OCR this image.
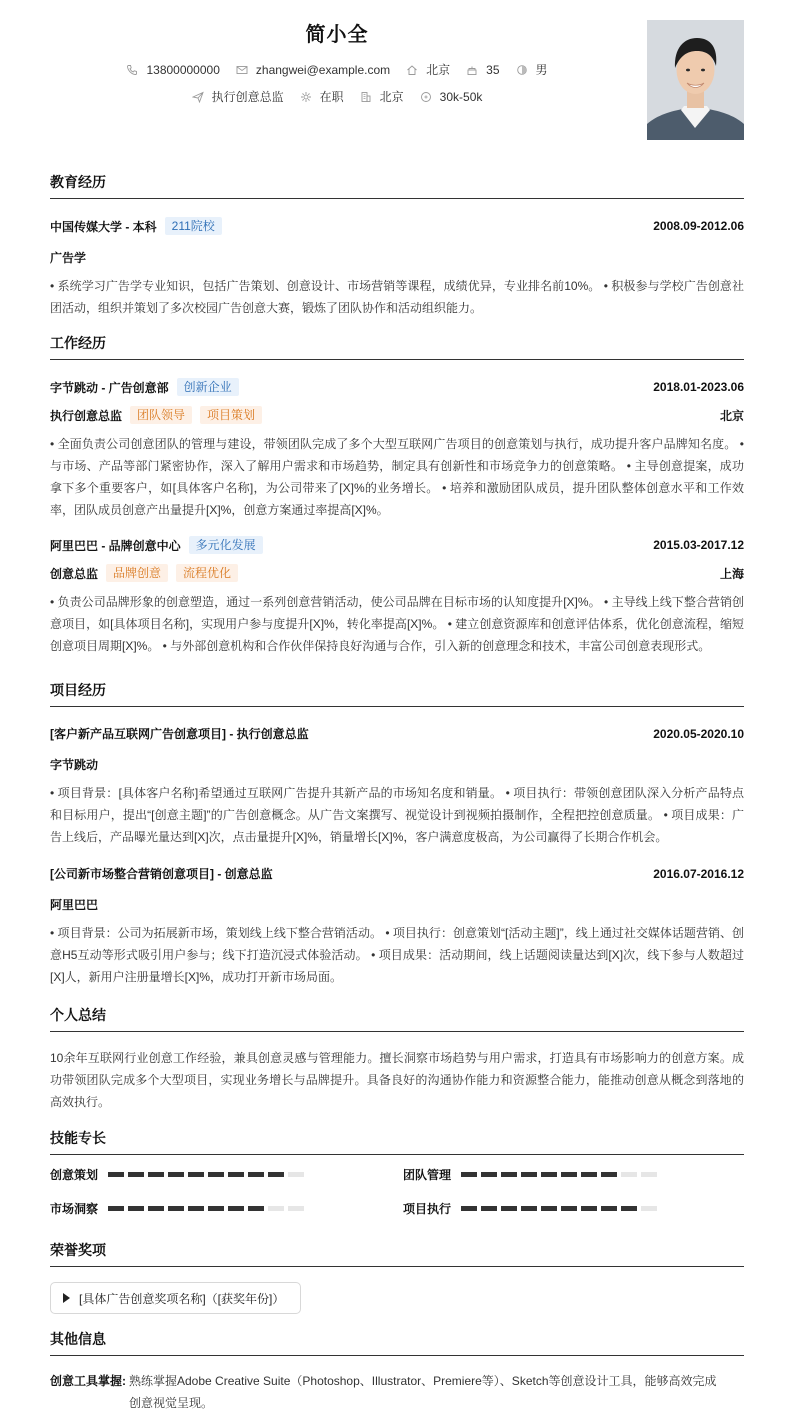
简小全
13800000000	zhangwei@example.com	北京	35	男
执行创意总监	在职	北京	30k-50k
教育经历
中国传媒大学 - 本科	211院校	2008.09-2012.06
广告学
• 系统学习广告学专业知识，包括广告策划、创意设计、市场营销等课程，成绩优异，专业排名前10%。 • 积极参与学校广告创意社团活动，组织并策划了多次校园广告创意大赛，锻炼了团队协作和活动组织能力。
工作经历
字节跳动 - 广告创意部	创新企业	2018.01-2023.06
执行创意总监	团队领导	项目策划	北京
• 全面负责公司创意团队的管理与建设，带领团队完成了多个大型互联网广告项目的创意策划与执行，成功提升客户品牌知名度。 • 与市场、产品等部门紧密协作，深入了解用户需求和市场趋势，制定具有创新性和市场竞争力的创意策略。 • 主导创意提案，成功拿下多个重要客户，如[具体客户名称]，为公司带来了[X]%的业务增长。 • 培养和激励团队成员，提升团队整体创意水平和工作效率，团队成员创意产出量提升[X]%，创意方案通过率提高[X]%。
阿里巴巴 - 品牌创意中心	多元化发展	2015.03-2017.12
创意总监	品牌创意	流程优化	上海
• 负责公司品牌形象的创意塑造，通过一系列创意营销活动，使公司品牌在目标市场的认知度提升[X]%。 • 主导线上线下整合营销创意项目，如[具体项目名称]，实现用户参与度提升[X]%，转化率提高[X]%。 • 建立创意资源库和创意评估体系，优化创意流程，缩短创意项目周期[X]%。 • 与外部创意机构和合作伙伴保持良好沟通与合作，引入新的创意理念和技术，丰富公司创意表现形式。
项目经历
[客户新产品互联网广告创意项目] - 执行创意总监	2020.05-2020.10
字节跳动
• 项目背景：[具体客户名称]希望通过互联网广告提升其新产品的市场知名度和销量。 • 项目执行：带领创意团队深入分析产品特点和目标用户，提出“[创意主题]”的广告创意概念。从广告文案撰写、视觉设计到视频拍摄制作，全程把控创意质量。 • 项目成果：广告上线后，产品曝光量达到[X]次，点击量提升[X]%，销量增长[X]%，客户满意度极高，为公司赢得了长期合作机会。
[公司新市场整合营销创意项目] - 创意总监	2016.07-2016.12
阿里巴巴
• 项目背景：公司为拓展新市场，策划线上线下整合营销活动。 • 项目执行：创意策划“[活动主题]”，线上通过社交媒体话题营销、创意H5互动等形式吸引用户参与；线下打造沉浸式体验活动。 • 项目成果：活动期间，线上话题阅读量达到[X]次，线下参与人数超过[X]人，新用户注册量增长[X]%，成功打开新市场局面。
个人总结
10余年互联网行业创意工作经验，兼具创意灵感与管理能力。擅长洞察市场趋势与用户需求，打造具有市场影响力的创意方案。成功带领团队完成多个大型项目，实现业务增长与品牌提升。具备良好的沟通协作能力和资源整合能力，能推动创意从概念到落地的高效执行。
技能专长
创意策划	团队管理
市场洞察	项目执行
荣誉奖项
[具体广告创意奖项名称]（[获奖年份]）
其他信息
创意工具掌握: 熟练掌握Adobe Creative Suite（Photoshop、Illustrator、Premiere等）、Sketch等创意设计工具，能够高效完成
创意视觉呈现。
